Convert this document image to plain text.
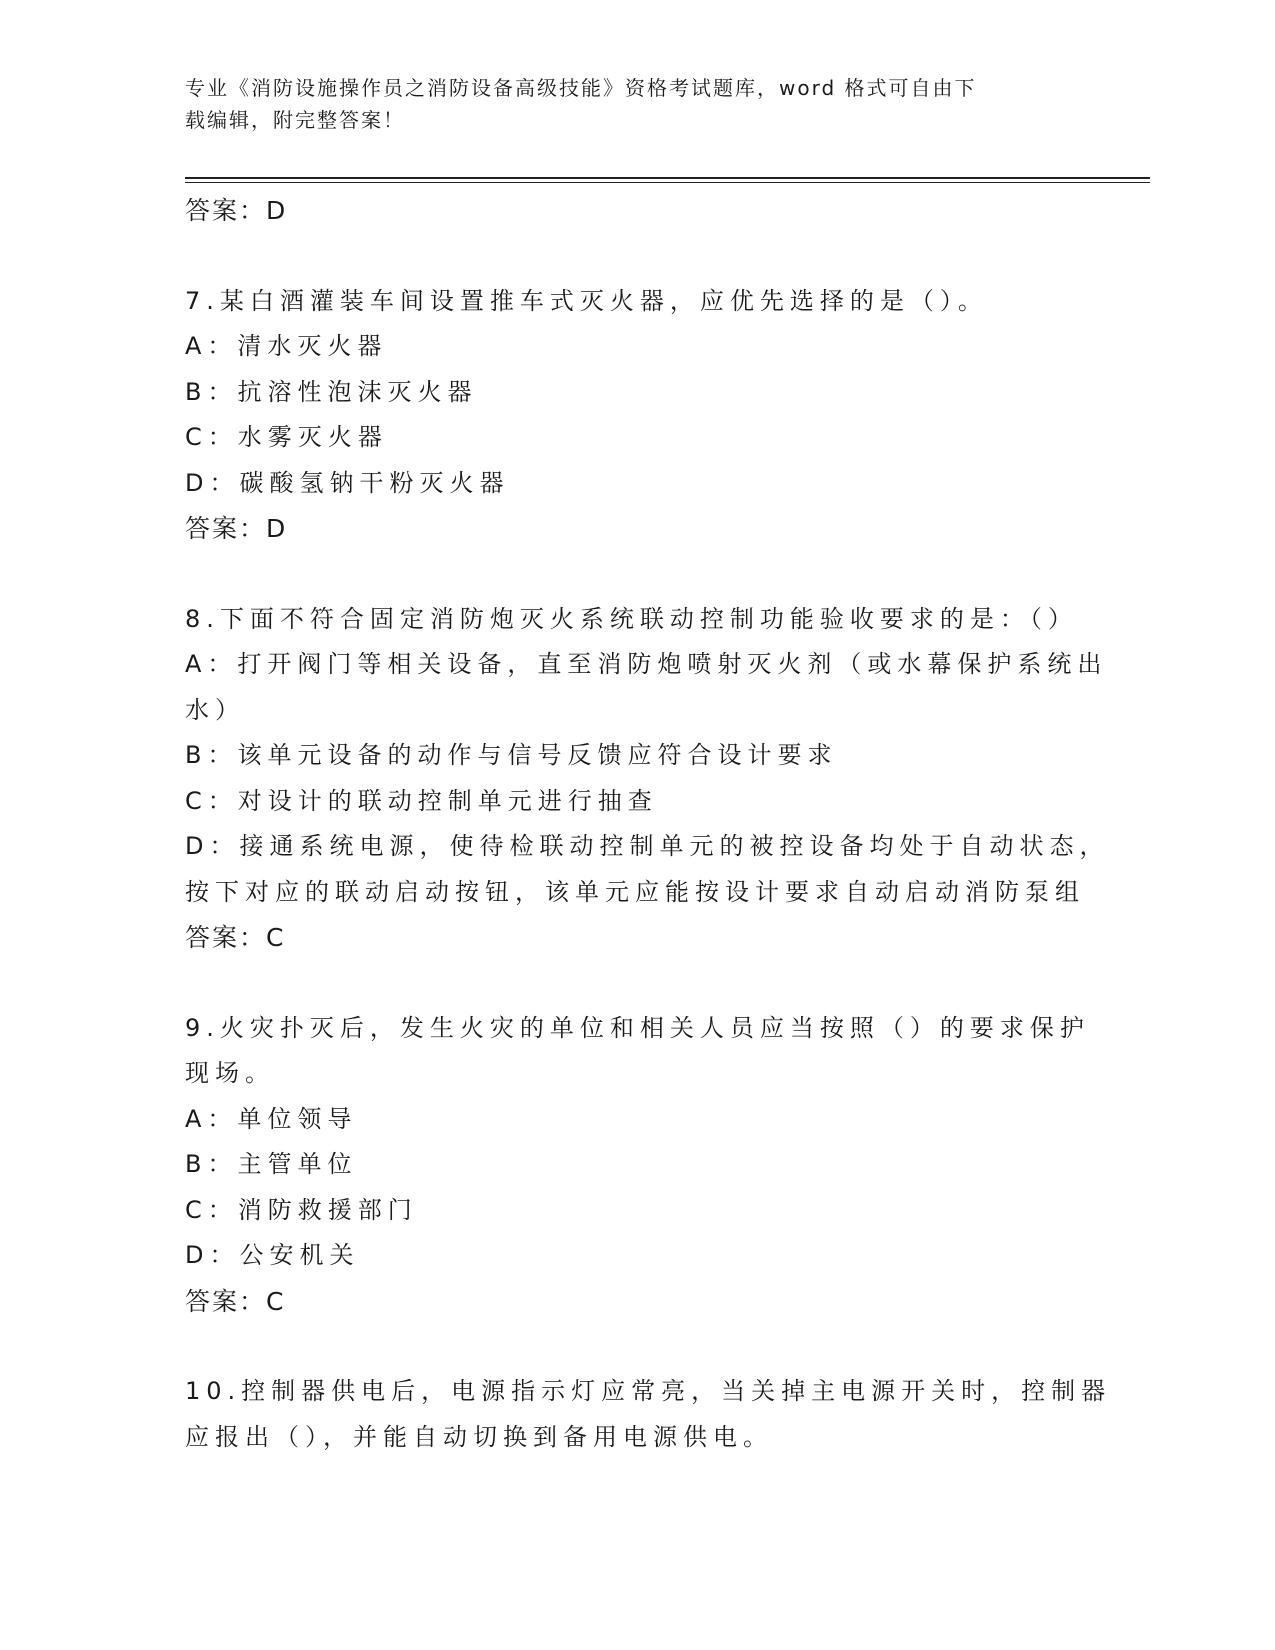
专业《消防设施操作员之消防设备高级技能》资格考试题库，word 格式可自由下
载编辑，附完整答案！
答案：D
7.某白酒灌装车间设置推车式灭火器，应优先选择的是（）。
A：清水灭火器
B：抗溶性泡沫灭火器
C：水雾灭火器
D：碳酸氢钠干粉灭火器
答案：D
8.下面不符合固定消防炮灭火系统联动控制功能验收要求的是：（）
A：打开阀门等相关设备，直至消防炮喷射灭火剂（或水幕保护系统出
水）
B：该单元设备的动作与信号反馈应符合设计要求
C：对设计的联动控制单元进行抽查
D：接通系统电源，使待检联动控制单元的被控设备均处于自动状态，
按下对应的联动启动按钮，该单元应能按设计要求自动启动消防泵组
答案：C
9.火灾扑灭后，发生火灾的单位和相关人员应当按照（）的要求保护
现场。
A：单位领导
B：主管单位
C：消防救援部门
D：公安机关
答案：C
10.控制器供电后，电源指示灯应常亮，当关掉主电源开关时，控制器
应报出（），并能自动切换到备用电源供电。
